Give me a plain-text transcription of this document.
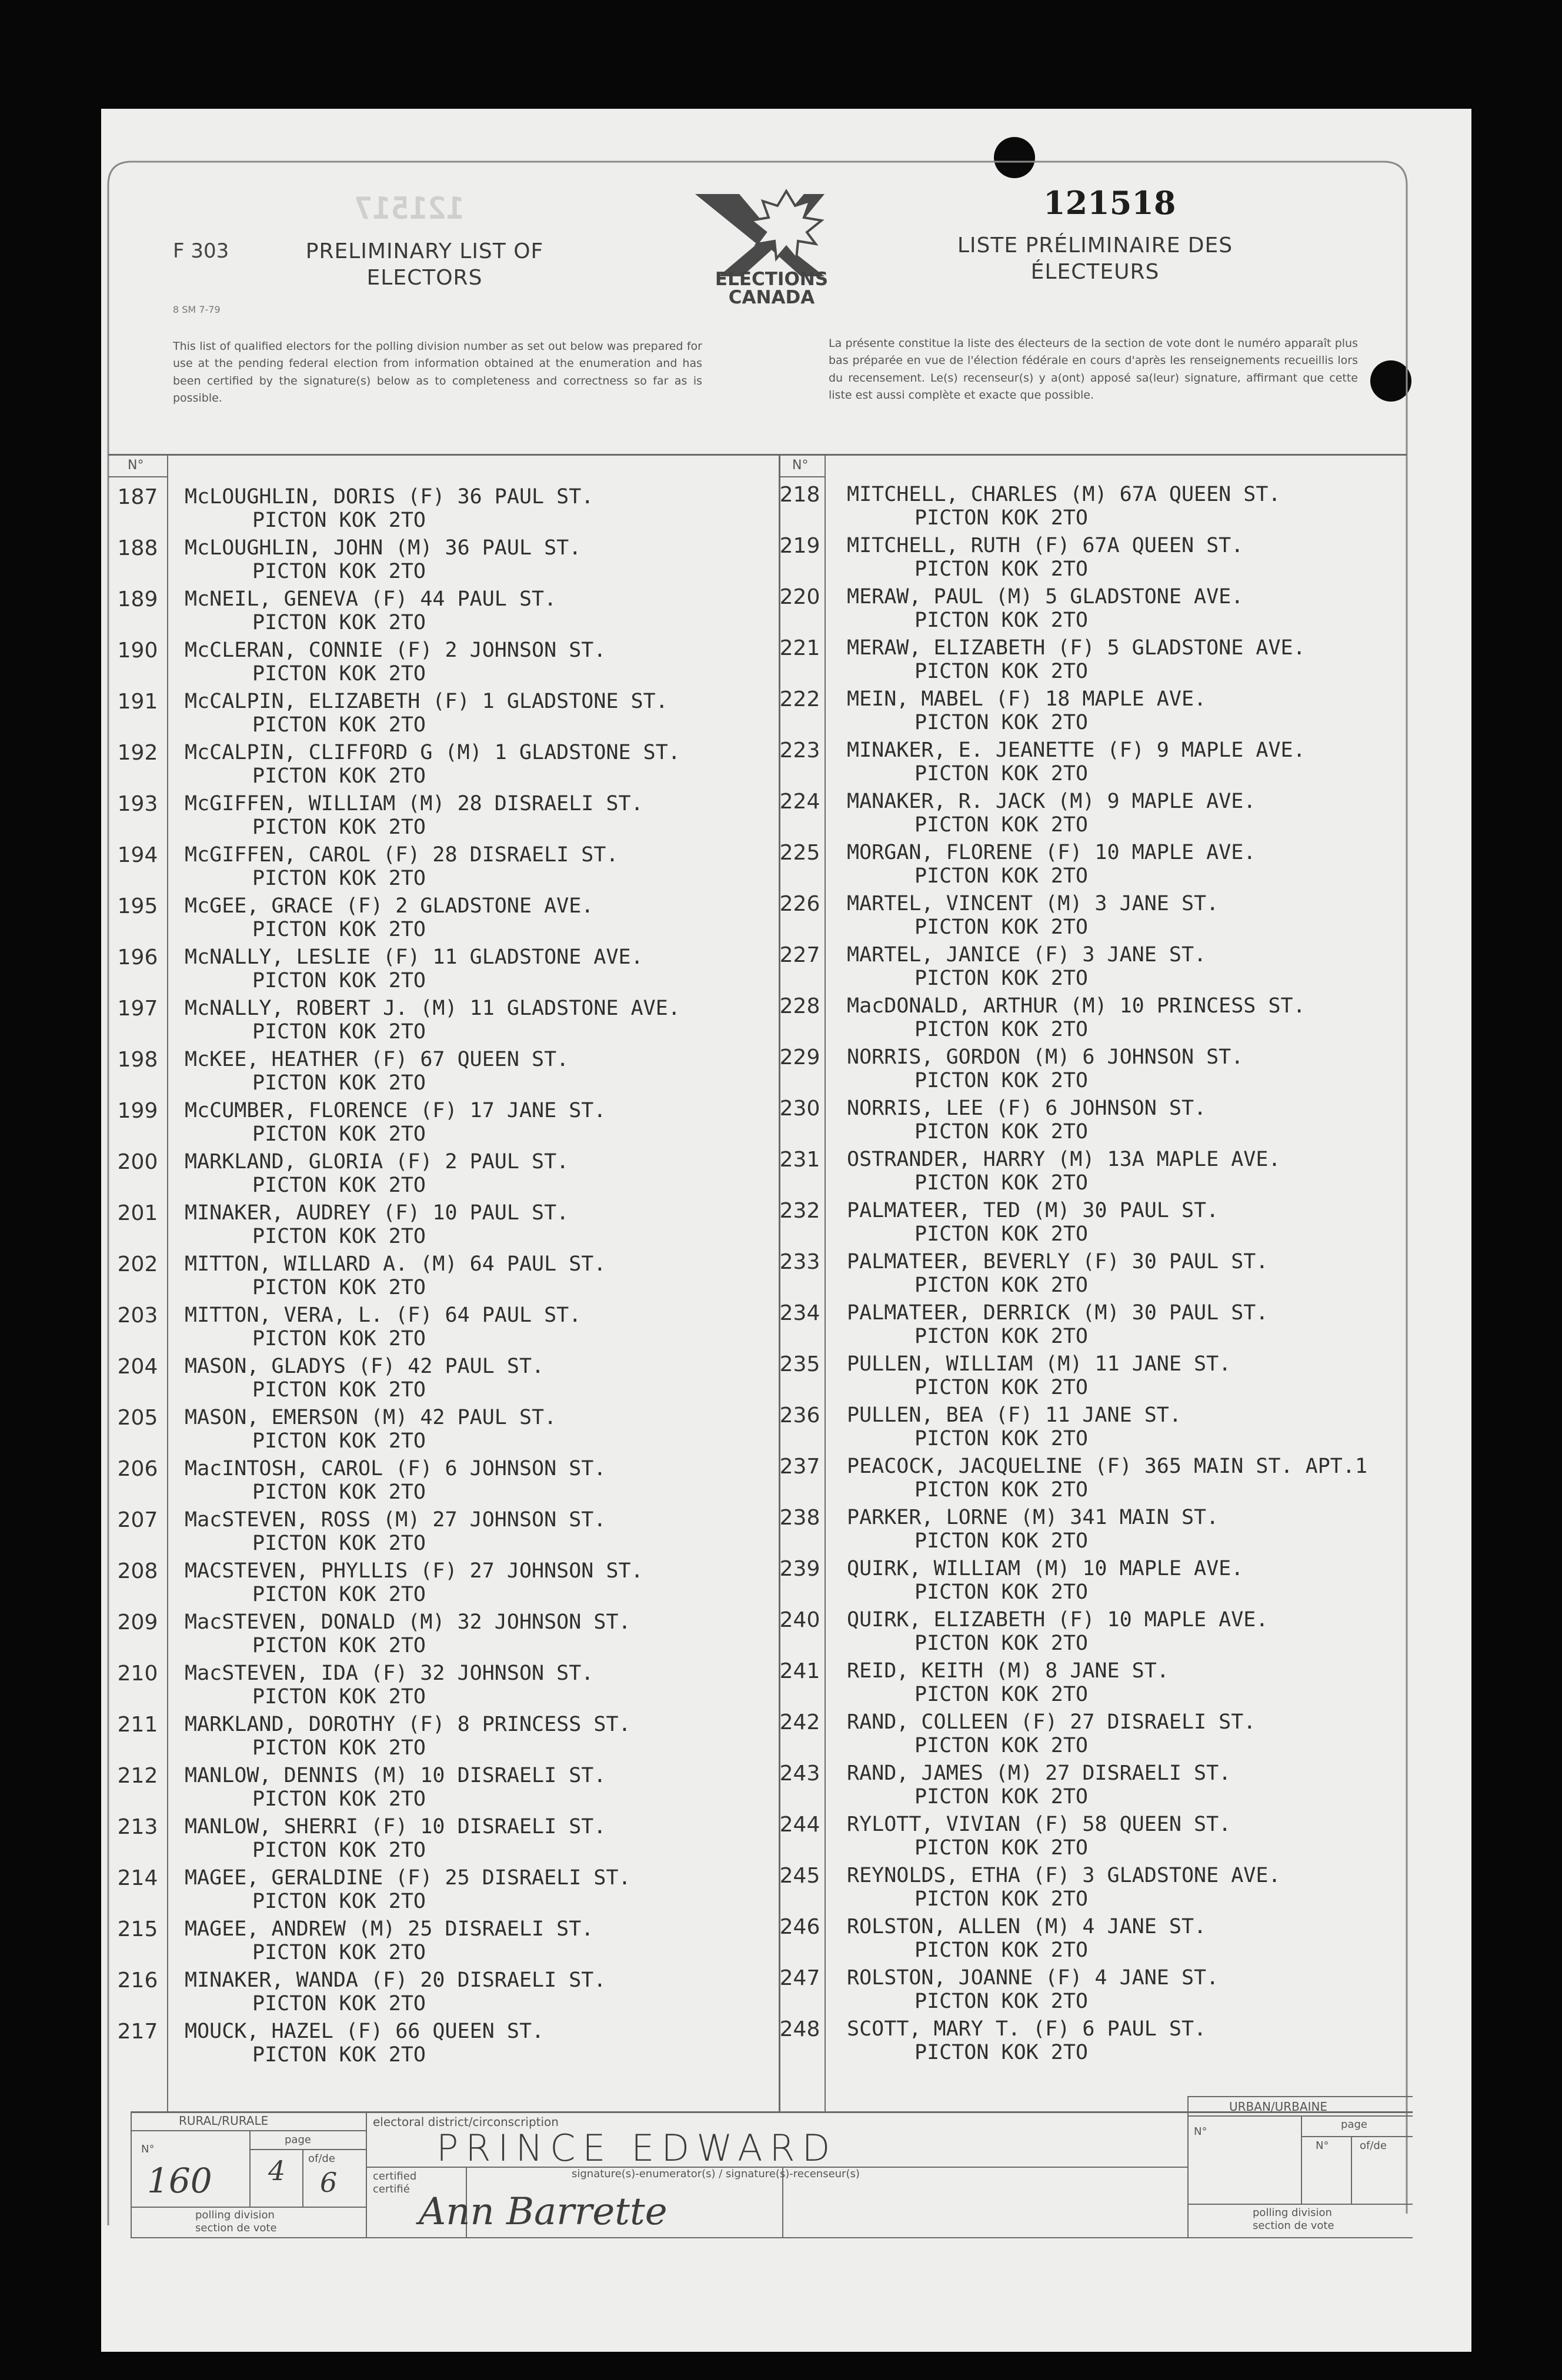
121517
F 303
8 SM 7-79
PRELIMINARY LIST OF ELECTORS	ELECTIONS CANADA
121518
LISTE PRÉLIMINAIRE DES ÉLECTEURS
This list of qualified electors for the polling division number as set out below was prepared for use at the pending federal election from information obtained at the enumeration and has been certified by the signature(s) below as to completeness and correctness so far as is possible.
La présente constitue la liste des électeurs de la section de vote dont le numéro apparaît plus bas préparée en vue de l'élection fédérale en cours d'après les renseignements recueillis lors du recensement. Le(s) recenseur(s) y a(ont) apposé sa(leur) signature, affirmant que cette liste est aussi complète et exacte que possible.
N°	N°
187	McLOUGHLIN, DORIS (F) 36 PAUL ST.
PICTON KOK 2TO
188	McLOUGHLIN, JOHN (M) 36 PAUL ST.
PICTON KOK 2TO
189	McNEIL, GENEVA (F) 44 PAUL ST.
PICTON KOK 2TO
190	McCLERAN, CONNIE (F) 2 JOHNSON ST.
PICTON KOK 2TO
191	McCALPIN, ELIZABETH (F) 1 GLADSTONE ST.
PICTON KOK 2TO
192	McCALPIN, CLIFFORD G (M) 1 GLADSTONE ST.
PICTON KOK 2TO
193	McGIFFEN, WILLIAM (M) 28 DISRAELI ST.
PICTON KOK 2TO
194	McGIFFEN, CAROL (F) 28 DISRAELI ST.
PICTON KOK 2TO
195	McGEE, GRACE (F) 2 GLADSTONE AVE.
PICTON KOK 2TO
196	McNALLY, LESLIE (F) 11 GLADSTONE AVE.
PICTON KOK 2TO
197	McNALLY, ROBERT J. (M) 11 GLADSTONE AVE.
PICTON KOK 2TO
198	McKEE, HEATHER (F) 67 QUEEN ST.
PICTON KOK 2TO
199	McCUMBER, FLORENCE (F) 17 JANE ST.
PICTON KOK 2TO
200	MARKLAND, GLORIA (F) 2 PAUL ST.
PICTON KOK 2TO
201	MINAKER, AUDREY (F) 10 PAUL ST.
PICTON KOK 2TO
202	MITTON, WILLARD A. (M) 64 PAUL ST.
PICTON KOK 2TO
203	MITTON, VERA, L. (F) 64 PAUL ST.
PICTON KOK 2TO
204	MASON, GLADYS (F) 42 PAUL ST.
PICTON KOK 2TO
205	MASON, EMERSON (M) 42 PAUL ST.
PICTON KOK 2TO
206	MacINTOSH, CAROL (F) 6 JOHNSON ST.
PICTON KOK 2TO
207	MacSTEVEN, ROSS (M) 27 JOHNSON ST.
PICTON KOK 2TO
208	MACSTEVEN, PHYLLIS (F) 27 JOHNSON ST.
PICTON KOK 2TO
209	MacSTEVEN, DONALD (M) 32 JOHNSON ST.
PICTON KOK 2TO
210	MacSTEVEN, IDA (F) 32 JOHNSON ST.
PICTON KOK 2TO
211	MARKLAND, DOROTHY (F) 8 PRINCESS ST.
PICTON KOK 2TO
212	MANLOW, DENNIS (M) 10 DISRAELI ST.
PICTON KOK 2TO
213	MANLOW, SHERRI (F) 10 DISRAELI ST.
PICTON KOK 2TO
214	MAGEE, GERALDINE (F) 25 DISRAELI ST.
PICTON KOK 2TO
215	MAGEE, ANDREW (M) 25 DISRAELI ST.
PICTON KOK 2TO
216	MINAKER, WANDA (F) 20 DISRAELI ST.
PICTON KOK 2TO
217	MOUCK, HAZEL (F) 66 QUEEN ST.
PICTON KOK 2TO
218	MITCHELL, CHARLES (M) 67A QUEEN ST.
PICTON KOK 2TO
219	MITCHELL, RUTH (F) 67A QUEEN ST.
PICTON KOK 2TO
220	MERAW, PAUL (M) 5 GLADSTONE AVE.
PICTON KOK 2TO
221	MERAW, ELIZABETH (F) 5 GLADSTONE AVE.
PICTON KOK 2TO
222	MEIN, MABEL (F) 18 MAPLE AVE.
PICTON KOK 2TO
223	MINAKER, E. JEANETTE (F) 9 MAPLE AVE.
PICTON KOK 2TO
224	MANAKER, R. JACK (M) 9 MAPLE AVE.
PICTON KOK 2TO
225	MORGAN, FLORENE (F) 10 MAPLE AVE.
PICTON KOK 2TO
226	MARTEL, VINCENT (M) 3 JANE ST.
PICTON KOK 2TO
227	MARTEL, JANICE (F) 3 JANE ST.
PICTON KOK 2TO
228	MacDONALD, ARTHUR (M) 10 PRINCESS ST.
PICTON KOK 2TO
229	NORRIS, GORDON (M) 6 JOHNSON ST.
PICTON KOK 2TO
230	NORRIS, LEE (F) 6 JOHNSON ST.
PICTON KOK 2TO
231	OSTRANDER, HARRY (M) 13A MAPLE AVE.
PICTON KOK 2TO
232	PALMATEER, TED (M) 30 PAUL ST.
PICTON KOK 2TO
233	PALMATEER, BEVERLY (F) 30 PAUL ST.
PICTON KOK 2TO
234	PALMATEER, DERRICK (M) 30 PAUL ST.
PICTON KOK 2TO
235	PULLEN, WILLIAM (M) 11 JANE ST.
PICTON KOK 2TO
236	PULLEN, BEA (F) 11 JANE ST.
PICTON KOK 2TO
237	PEACOCK, JACQUELINE (F) 365 MAIN ST. APT.1
PICTON KOK 2TO
238	PARKER, LORNE (M) 341 MAIN ST.
PICTON KOK 2TO
239	QUIRK, WILLIAM (M) 10 MAPLE AVE.
PICTON KOK 2TO
240	QUIRK, ELIZABETH (F) 10 MAPLE AVE.
PICTON KOK 2TO
241	REID, KEITH (M) 8 JANE ST.
PICTON KOK 2TO
242	RAND, COLLEEN (F) 27 DISRAELI ST.
PICTON KOK 2TO
243	RAND, JAMES (M) 27 DISRAELI ST.
PICTON KOK 2TO
244	RYLOTT, VIVIAN (F) 58 QUEEN ST.
PICTON KOK 2TO
245	REYNOLDS, ETHA (F) 3 GLADSTONE AVE.
PICTON KOK 2TO
246	ROLSTON, ALLEN (M) 4 JANE ST.
PICTON KOK 2TO
247	ROLSTON, JOANNE (F) 4 JANE ST.
PICTON KOK 2TO
248	SCOTT, MARY T. (F) 6 PAUL ST.
PICTON KOK 2TO
RURAL/RURALE
N°
page
of/de
polling division
section de vote
160 4 6
electoral district/circonscription
PRINCE EDWARD
certified
certifié
signature(s)-enumerator(s) / signature(s)-recenseur(s)
Ann Barrette
URBAN/URBAINE
N°
page
N°	of/de
polling division
section de vote
